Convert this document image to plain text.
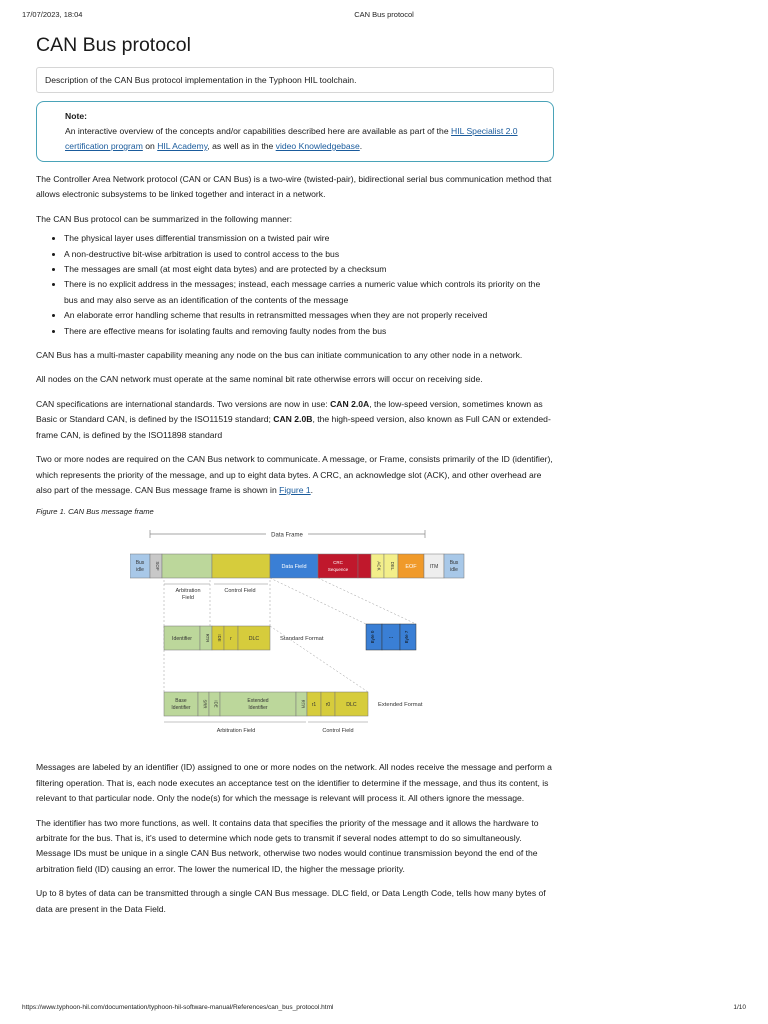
17/07/2023, 18:04	CAN Bus protocol
CAN Bus protocol
Description of the CAN Bus protocol implementation in the Typhoon HIL toolchain.
Note:
An interactive overview of the concepts and/or capabilities described here are available as part of the HIL Specialist 2.0 certification program on HIL Academy, as well as in the video Knowledgebase.

The Controller Area Network protocol (CAN or CAN Bus) is a two-wire (twisted-pair), bidirectional serial bus communication method that allows electronic subsystems to be linked together and interact in a network.

The CAN Bus protocol can be summarized in the following manner:

• The physical layer uses differential transmission on a twisted pair wire
• A non-destructive bit-wise arbitration is used to control access to the bus
• The messages are small (at most eight data bytes) and are protected by a checksum
• There is no explicit address in the messages; instead, each message carries a numeric value which controls its priority on the bus and may also serve as an identification of the contents of the message
• An elaborate error handling scheme that results in retransmitted messages when they are not properly received
• There are effective means for isolating faults and removing faulty nodes from the bus

CAN Bus has a multi-master capability meaning any node on the bus can initiate communication to any other node in a network.

All nodes on the CAN network must operate at the same nominal bit rate otherwise errors will occur on receiving side.

CAN specifications are international standards. Two versions are now in use: CAN 2.0A, the low-speed version, sometimes known as Basic or Standard CAN, is defined by the ISO11519 standard; CAN 2.0B, the high-speed version, also known as Full CAN or extended-frame CAN, is defined by the ISO11898 standard

Two or more nodes are required on the CAN Bus network to communicate. A message, or Frame, consists primarily of the ID (identifier), which represents the priority of the message, and up to eight data bytes. A CRC, an acknowledge slot (ACK), and other overhead are also part of the message. CAN Bus message frame is shown in Figure 1.

Figure 1. CAN Bus message frame
Data Frame
Bus
idle SOF	Data Field
CRC
Sequence	ACK DEL EOF	ITM
Bus
idle
Arbitration
Field
Control Field
Identifier	RTR IDE r	DLC	Standard Format	Byte 0 ... Byte 7
Base
Identifier	SRR IDE	Extended
Identifier	RTR r1 r0	DLC	Extended Format
Arbitration Field	Control Field

Messages are labeled by an identifier (ID) assigned to one or more nodes on the network. All nodes receive the message and perform a filtering operation. That is, each node executes an acceptance test on the identifier to determine if the message, and thus its content, is relevant to that particular node. Only the node(s) for which the message is relevant will process it. All others ignore the message.

The identifier has two more functions, as well. It contains data that specifies the priority of the message and it allows the hardware to arbitrate for the bus. That is, it's used to determine which node gets to transmit if several nodes attempt to do so simultaneously. Message IDs must be unique in a single CAN Bus network, otherwise two nodes would continue transmission beyond the end of the arbitration field (ID) causing an error. The lower the numerical ID, the higher the message priority.

Up to 8 bytes of data can be transmitted through a single CAN Bus message. DLC field, or Data Length Code, tells how many bytes of data are present in the Data Field.

https://www.typhoon-hil.com/documentation/typhoon-hil-software-manual/References/can_bus_protocol.html	1/10
